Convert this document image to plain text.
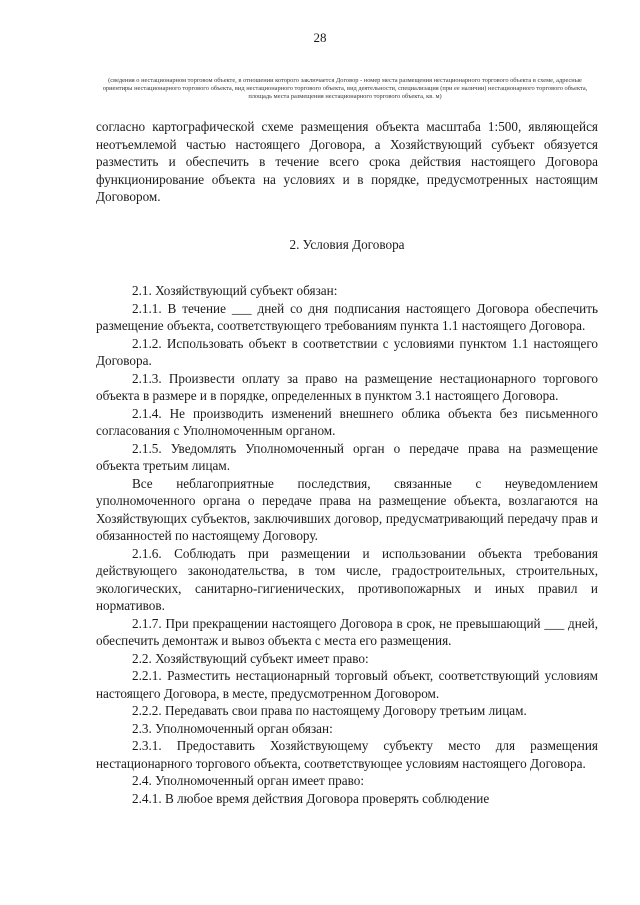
28
(сведения о нестационарном торговом объекте, в отношении которого заключается Договор - номер места размещения нестационарного торгового объекта в схеме, адресные ориентиры нестационарного торгового объекта, вид нестационарного торгового объекта, вид деятельности, специализация (при ее наличии) нестационарного торгового объекта, площадь места размещения нестационарного торгового объекта, кв. м)

согласно картографической схеме размещения объекта масштаба 1:500, являющейся неотъемлемой частью настоящего Договора, а Хозяйствующий субъект обязуется разместить и обеспечить в течение всего срока действия настоящего Договора функционирование объекта на условиях и в порядке, предусмотренных настоящим Договором.

2. Условия Договора

2.1. Хозяйствующий субъект обязан:

2.1.1. В течение ___ дней со дня подписания настоящего Договора обеспечить размещение объекта, соответствующего требованиям пункта 1.1 настоящего Договора.

2.1.2. Использовать объект в соответствии с условиями пунктом 1.1 настоящего Договора.

2.1.3. Произвести оплату за право на размещение нестационарного торгового объекта в размере и в порядке, определенных в пунктом 3.1 настоящего Договора.

2.1.4. Не производить изменений внешнего облика объекта без письменного согласования с Уполномоченным органом.

2.1.5. Уведомлять Уполномоченный орган о передаче права на размещение объекта третьим лицам.

Все неблагоприятные последствия, связанные с неуведомлением уполномоченного органа о передаче права на размещение объекта, возлагаются на Хозяйствующих субъектов, заключивших договор, предусматривающий передачу прав и обязанностей по настоящему Договору.

2.1.6. Соблюдать при размещении и использовании объекта требования действующего законодательства, в том числе, градостроительных, строительных, экологических, санитарно-гигиенических, противопожарных и иных правил и нормативов.

2.1.7. При прекращении настоящего Договора в срок, не превышающий ___ дней, обеспечить демонтаж и вывоз объекта с места его размещения.

2.2. Хозяйствующий субъект имеет право:

2.2.1. Разместить нестационарный торговый объект, соответствующий условиям настоящего Договора, в месте, предусмотренном Договором.

2.2.2. Передавать свои права по настоящему Договору третьим лицам.

2.3. Уполномоченный орган обязан:

2.3.1. Предоставить Хозяйствующему субъекту место для размещения нестационарного торгового объекта, соответствующее условиям настоящего Договора.

2.4. Уполномоченный орган имеет право:

2.4.1. В любое время действия Договора проверять соблюдение
